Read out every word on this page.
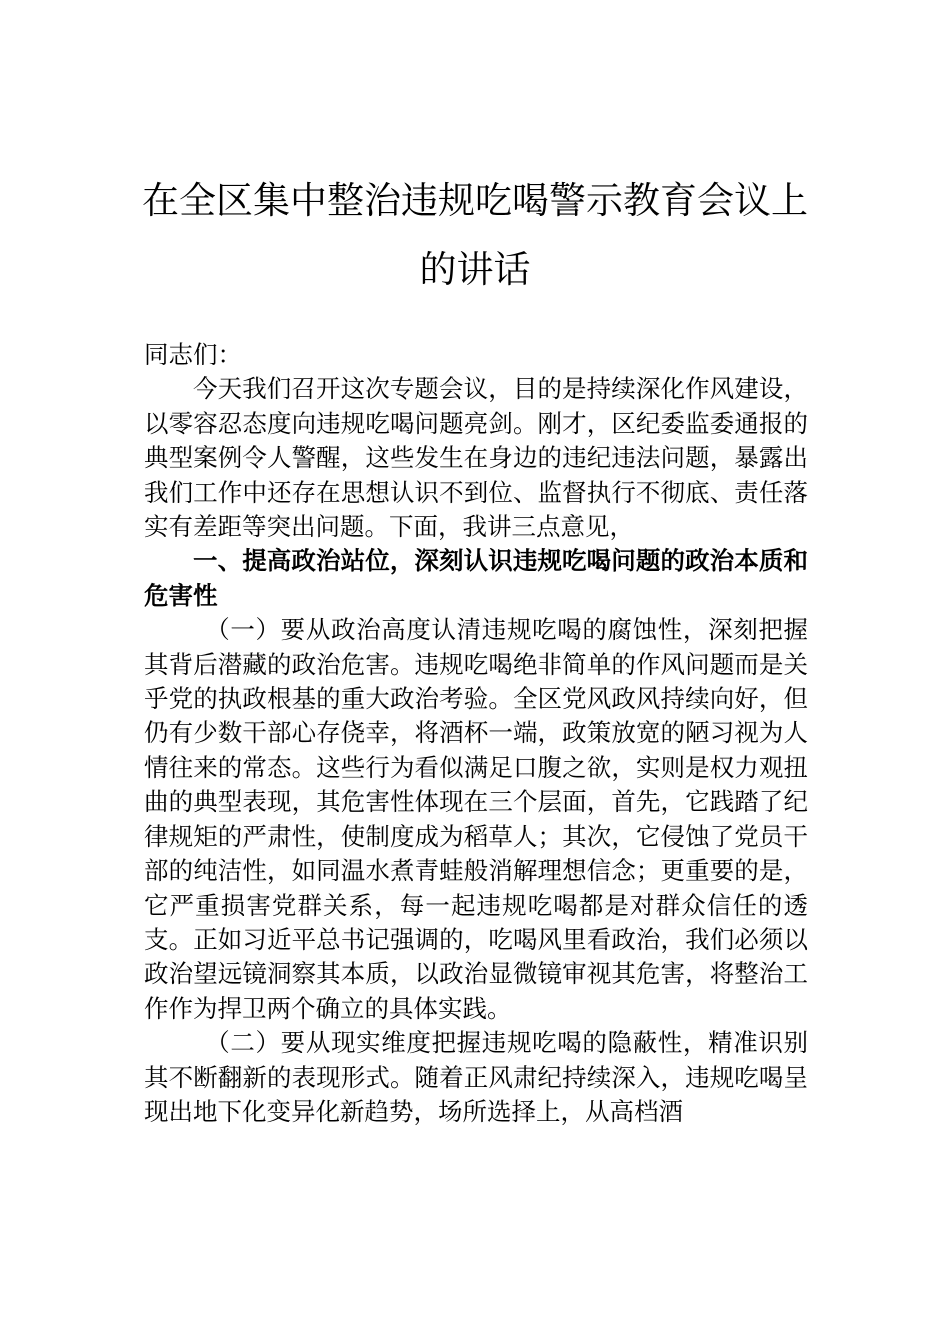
在全区集中整治违规吃喝警示教育会议上
的讲话

同志们：

今天我们召开这次专题会议，目的是持续深化作风建设，以零容忍态度向违规吃喝问题亮剑。刚才，区纪委监委通报的典型案例令人警醒，这些发生在身边的违纪违法问题，暴露出我们工作中还存在思想认识不到位、监督执行不彻底、责任落实有差距等突出问题。下面，我讲三点意见，

一、提高政治站位，深刻认识违规吃喝问题的政治本质和危害性

（一）要从政治高度认清违规吃喝的腐蚀性，深刻把握其背后潜藏的政治危害。违规吃喝绝非简单的作风问题而是关乎党的执政根基的重大政治考验。全区党风政风持续向好，但仍有少数干部心存侥幸，将酒杯一端，政策放宽的陋习视为人情往来的常态。这些行为看似满足口腹之欲，实则是权力观扭曲的典型表现，其危害性体现在三个层面，首先，它践踏了纪律规矩的严肃性，使制度成为稻草人；其次，它侵蚀了党员干部的纯洁性，如同温水煮青蛙般消解理想信念；更重要的是，它严重损害党群关系，每一起违规吃喝都是对群众信任的透支。正如习近平总书记强调的，吃喝风里看政治，我们必须以政治望远镜洞察其本质，以政治显微镜审视其危害，将整治工作作为捍卫两个确立的具体实践。

（二）要从现实维度把握违规吃喝的隐蔽性，精准识别其不断翻新的表现形式。随着正风肃纪持续深入，违规吃喝呈现出地下化变异化新趋势，场所选择上，从高档酒
